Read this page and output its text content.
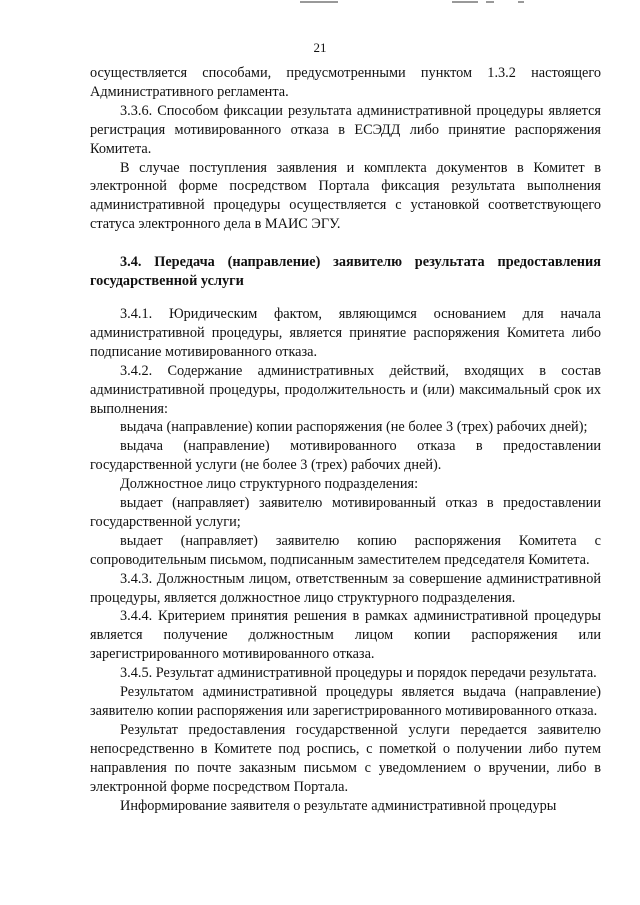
21

осуществляется способами, предусмотренными пунктом 1.3.2 настоящего Административного регламента.

3.3.6. Способом фиксации результата административной процедуры является регистрация мотивированного отказа в ЕСЭДД либо принятие распоряжения Комитета.

В случае поступления заявления и комплекта документов в Комитет в электронной форме посредством Портала фиксация результата выполнения административной процедуры осуществляется с установкой соответствующего статуса электронного дела в МАИС ЭГУ.

3.4. Передача (направление) заявителю результата предоставления государственной услуги

3.4.1. Юридическим фактом, являющимся основанием для начала административной процедуры, является принятие распоряжения Комитета либо подписание мотивированного отказа.

3.4.2. Содержание административных действий, входящих в состав административной процедуры, продолжительность и (или) максимальный срок их выполнения:

выдача (направление) копии распоряжения (не более 3 (трех) рабочих дней);

выдача (направление) мотивированного отказа в предоставлении государственной услуги (не более 3 (трех) рабочих дней).

Должностное лицо структурного подразделения:

выдает (направляет) заявителю мотивированный отказ в предоставлении государственной услуги;

выдает (направляет) заявителю копию распоряжения Комитета с сопроводительным письмом, подписанным заместителем председателя Комитета.

3.4.3. Должностным лицом, ответственным за совершение административной процедуры, является должностное лицо структурного подразделения.

3.4.4. Критерием принятия решения в рамках административной процедуры является получение должностным лицом копии распоряжения или зарегистрированного мотивированного отказа.

3.4.5. Результат административной процедуры и порядок передачи результата.

Результатом административной процедуры является выдача (направление) заявителю копии распоряжения или зарегистрированного мотивированного отказа.

Результат предоставления государственной услуги передается заявителю непосредственно в Комитете под роспись, с пометкой о получении либо путем направления по почте заказным письмом с уведомлением о вручении, либо в электронной форме посредством Портала.

Информирование заявителя о результате административной процедуры
